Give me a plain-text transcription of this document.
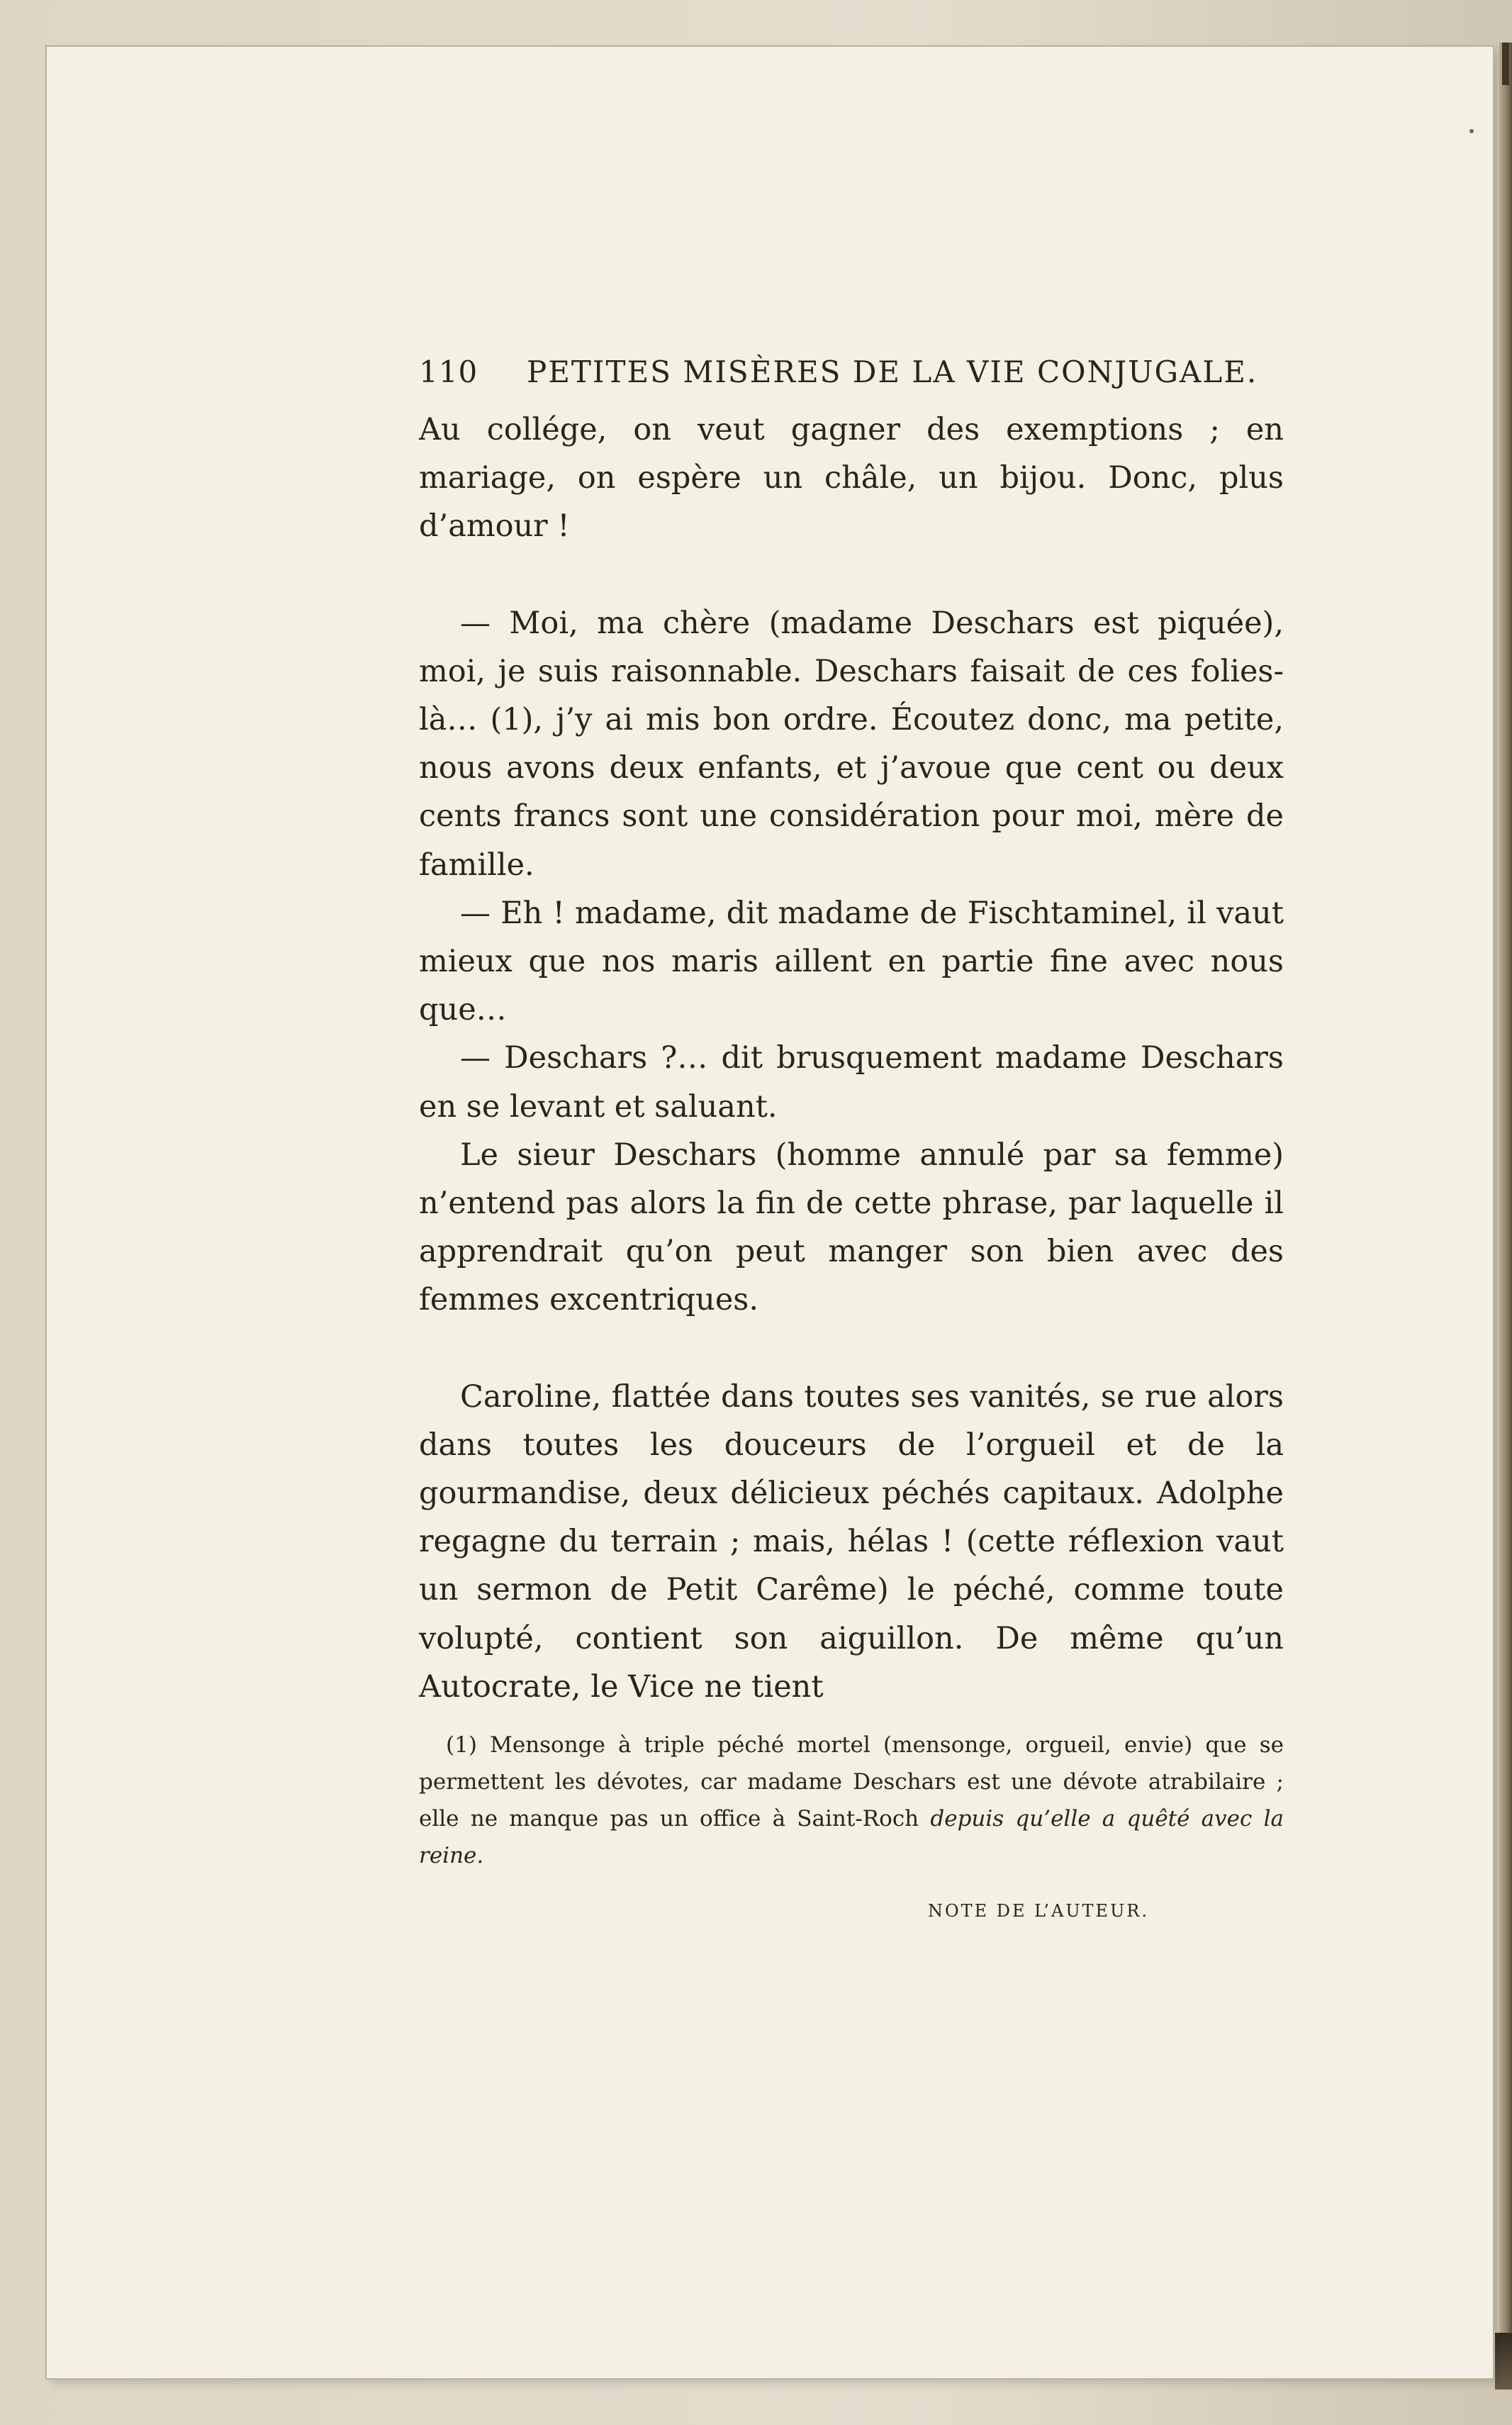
110	PETITES MISÈRES DE LA VIE CONJUGALE.

Au collége, on veut gagner des exemptions ; en mariage, on espère un châle, un bijou. Donc, plus d’amour !

— Moi, ma chère (madame Deschars est piquée), moi, je suis raisonnable. Deschars faisait de ces folies-là… (1), j’y ai mis bon ordre. Écoutez donc, ma petite, nous avons deux enfants, et j’avoue que cent ou deux cents francs sont une considération pour moi, mère de famille.

— Eh ! madame, dit madame de Fischtaminel, il vaut mieux que nos maris aillent en partie fine avec nous que…

— Deschars ?… dit brusquement madame Deschars en se levant et saluant.

Le sieur Deschars (homme annulé par sa femme) n’entend pas alors la fin de cette phrase, par laquelle il apprendrait qu’on peut manger son bien avec des femmes excentriques.

Caroline, flattée dans toutes ses vanités, se rue alors dans toutes les douceurs de l’orgueil et de la gourmandise, deux délicieux péchés capitaux. Adolphe regagne du terrain ; mais, hélas ! (cette réflexion vaut un sermon de Petit Carême) le péché, comme toute volupté, contient son aiguillon. De même qu’un Autocrate, le Vice ne tient

(1) Mensonge à triple péché mortel (mensonge, orgueil, envie) que se permettent les dévotes, car madame Deschars est une dévote atrabilaire ; elle ne manque pas un office à Saint-Roch depuis qu’elle a quêté avec la reine.

NOTE DE L’AUTEUR.
